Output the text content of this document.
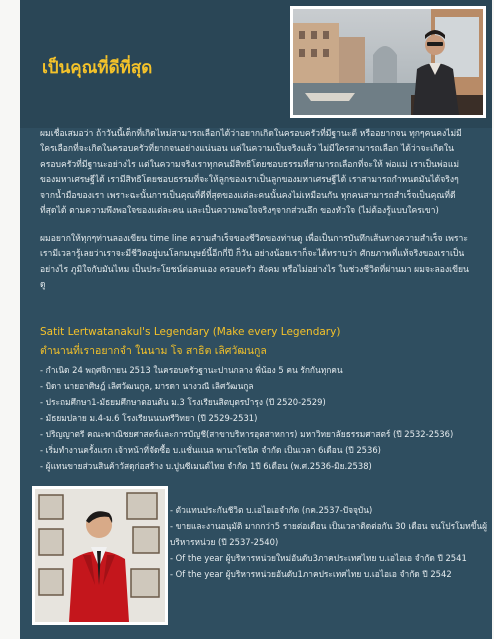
เป็นคุณที่ดีที่สุด

ผมเชื่อเสมอว่า ถ้าวันนี้เด็กที่เกิดไหม่สามารถเลือกได้ว่าอยากเกิดในครอบครัวที่มีฐานะดี หรืออยากจน ทุกๆคนคงไม่มีใครเลือกที่จะเกิดในครอบครัวที่ยากจนอย่างแน่นอน แต่ในความเป็นจริงแล้ว ไม่มีใครสามารถเลือก ได้ว่าจะเกิดในครอบครัวที่มีฐานะอย่างไร แต่ในความจริงเราทุกคนมีสิทธิโดยชอบธรรมที่สามารถเลือกที่จะให้ พ่อแม่ เราเป็นพ่อแม่ของมหาเศรษฐีได้ เรามีสิทธิโดยชอบธรรมที่จะให้ลูกของเราเป็นลูกของมหาเศรษฐีได้ เราสามารถกำหนดมันได้จริงๆจากน้ำมือของเรา เพราะฉะนั้นการเป็นคุณที่ดีที่สุดของแต่ละคนนั้นคงไม่เหมือนกัน ทุกคนสามารถสำเร็จเป็นคุณที่ดีที่สุดได้ ตามความพึงพอใจของแต่ละคน และเป็นความพอใจจริงๆจากส่วนลึก ของหัวใจ (ไม่ต้องรู้แบบใครเขา)

ผมอยากให้ทุกๆท่านลองเขียน time line ความสำเร็จของชีวิตของท่านดู เพื่อเป็นการบันทึกเส้นทางความสำเร็จ เพราะเรามีเวลารู้เลยว่าเราจะมีชีวิตอยู่บนโลกมนุษย์นี้อีกกี่ปี ก็วัน อย่างน้อยเราก็จะได้ทราบว่า ศักยภาพที่แท้จริงของเราเป็นอย่างไร ภูมิใจกับมันไหม เป็นประโยชน์ต่อตนเอง ครอบครัว สังคม หรือไม่อย่างไร ในช่วงชีวิตที่ผ่านมา ผมจะลองเขียนดู

Satit Lertwatanakul's Legendary (Make every Legendary)
ตำนานที่เราอยากจำ ในนาม โจ สาธิต เลิศวัฒนกูล
- กำเนิด 24 พฤศจิกายน 2513 ในครอบครัวฐานะปานกลาง พี่น้อง 5 คน รักกันทุกคน
- บิดา นายอาศิษฎ์ เลิศวัฒนกูล, มารดา นางวณี เลิศวัฒนกูล
- ประถมศึกษา1-มัธยมศึกษาตอนต้น ม.3 โรงเรียนสิตบุตรบำรุง (ปี 2520-2529)
- มัธยมปลาย ม.4-ม.6 โรงเรียนนนทรีวิทยา (ปี 2529-2531)
- ปริญญาตรี คณะพาณิชยศาสตร์และการบัญชี(สาขาบริหารอุตสาหการ) มหาวิทยาลัยธรรมศาสตร์ (ปี 2532-2536)
- เริ่มทำงานครั้งแรก เจ้าหน้าที่จัดซื้อ บ.แชั่นแนล พานาโซนิค จำกัด เป็นเวลา 6เดือน (ปี 2536)
- ผู้แทนขายส่วนสินค้าวัสดุก่อสร้าง บ.ปูนซีเมนต์ไทย จำกัด 1ปี 6เดือน (พ.ศ.2536-มิย.2538)
- ตัวแทนประกันชีวิต บ.เอไอเอจำกัด (กค.2537-ปัจจุบัน)
- ขายและงานอนุมัติ มากกว่า5 รายต่อเดือน เป็นเวลาติดต่อกัน 30 เดือน จนโปรโมทขึ้นผู้บริหารหน่วย (ปี 2537-2540)
- Of the year ผู้บริหารหน่วยใหม่อันดับ3ภาคประเทศไทย บ.เอไอเอ จำกัด ปี 2541
- Of the year ผู้บริหารหน่วยอันดับ1ภาคประเทศไทย บ.เอไอเอ จำกัด ปี 2542
